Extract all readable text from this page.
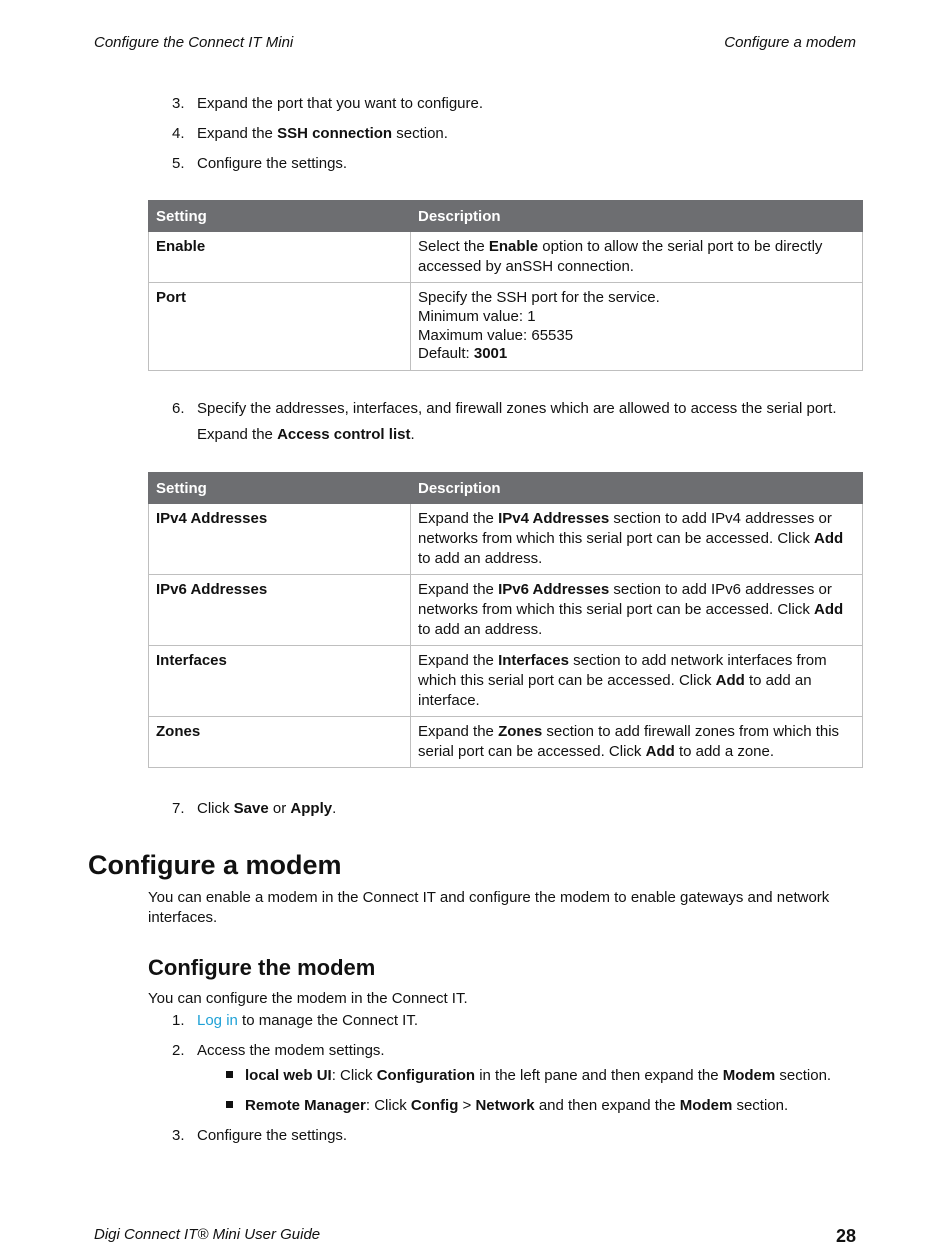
Configure the Connect IT Mini	Configure a modem
3. Expand the port that you want to configure.
4. Expand the SSH connection section.
5. Configure the settings.
Setting	Description
Enable	Select the Enable option to allow the serial port to be directly accessed by anSSH connection.
Port	Specify the SSH port for the service.
Minimum value: 1
Maximum value: 65535
Default: 3001
6. Specify the addresses, interfaces, and firewall zones which are allowed to access the serial port. Expand the Access control list.
Setting	Description
IPv4 Addresses	Expand the IPv4 Addresses section to add IPv4 addresses or networks from which this serial port can be accessed. Click Add to add an address.
IPv6 Addresses	Expand the IPv6 Addresses section to add IPv6 addresses or networks from which this serial port can be accessed. Click Add to add an address.
Interfaces	Expand the Interfaces section to add network interfaces from which this serial port can be accessed. Click Add to add an interface.
Zones	Expand the Zones section to add firewall zones from which this serial port can be accessed. Click Add to add a zone.
7. Click Save or Apply.
Configure a modem
You can enable a modem in the Connect IT and configure the modem to enable gateways and network interfaces.
Configure the modem
You can configure the modem in the Connect IT.
1. Log in to manage the Connect IT.
2. Access the modem settings.
local web UI: Click Configuration in the left pane and then expand the Modem section.
Remote Manager: Click Config > Network and then expand the Modem section.
3. Configure the settings.
Digi Connect IT® Mini User Guide	28
